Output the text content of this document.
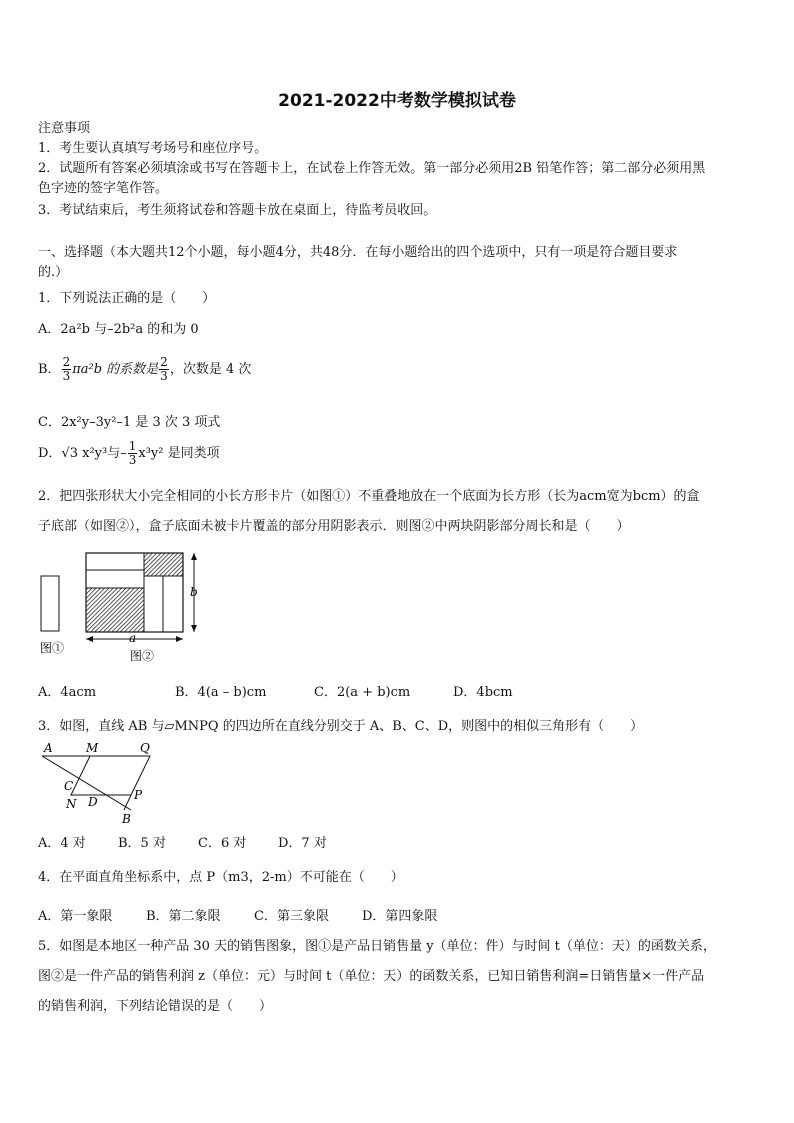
2021-2022中考数学模拟试卷
注意事项
1．考生要认真填写考场号和座位序号。
2．试题所有答案必须填涂或书写在答题卡上，在试卷上作答无效。第一部分必须用2B 铅笔作答；第二部分必须用黑
色字迹的签字笔作答。
3．考试结束后，考生须将试卷和答题卡放在桌面上，待监考员收回。
一、选择题（本大题共12个小题，每小题4分，共48分．在每小题给出的四个选项中，只有一项是符合题目要求
的.）
1．下列说法正确的是（　　）
A．2a²b 与–2b²a 的和为 0
B． $\frac{2}{3} \pi a^2b$ 的系数是 $\frac{2}{3}$ ，次数是 4 次
C．2x²y–3y²–1 是 3 次 3 项式
D．√3 x²y³与– $\frac{1}{3} x^3y^2$ 是同类项
2．把四张形状大小完全相同的小长方形卡片（如图①）不重叠地放在一个底面为长方形（长为acm宽为bcm）的盒
子底部（如图②），盒子底面未被卡片覆盖的部分用阴影表示．则图②中两块阴影部分周长和是（　　）
图①
b
a
图②
A．4acm	B．4(a – b)cm	C．2(a + b)cm	D．4bcm
3．如图，直线 AB 与▱MNPQ 的四边所在直线分别交于 A、B、C、D，则图中的相似三角形有（　　）
A	M	Q
C
N D	P
B
A．4 对 B．5 对 C．6 对 D．7 对
4．在平面直角坐标系中，点 P（m3，2-m）不可能在（　　）
A．第一象限	B．第二象限	C．第三象限	D．第四象限
5．如图是本地区一种产品 30 天的销售图象，图①是产品日销售量 y（单位：件）与时间 t（单位：天）的函数关系，
图②是一件产品的销售利润 z（单位：元）与时间 t（单位：天）的函数关系，已知日销售利润=日销售量×一件产品
的销售利润，下列结论错误的是（　　）
